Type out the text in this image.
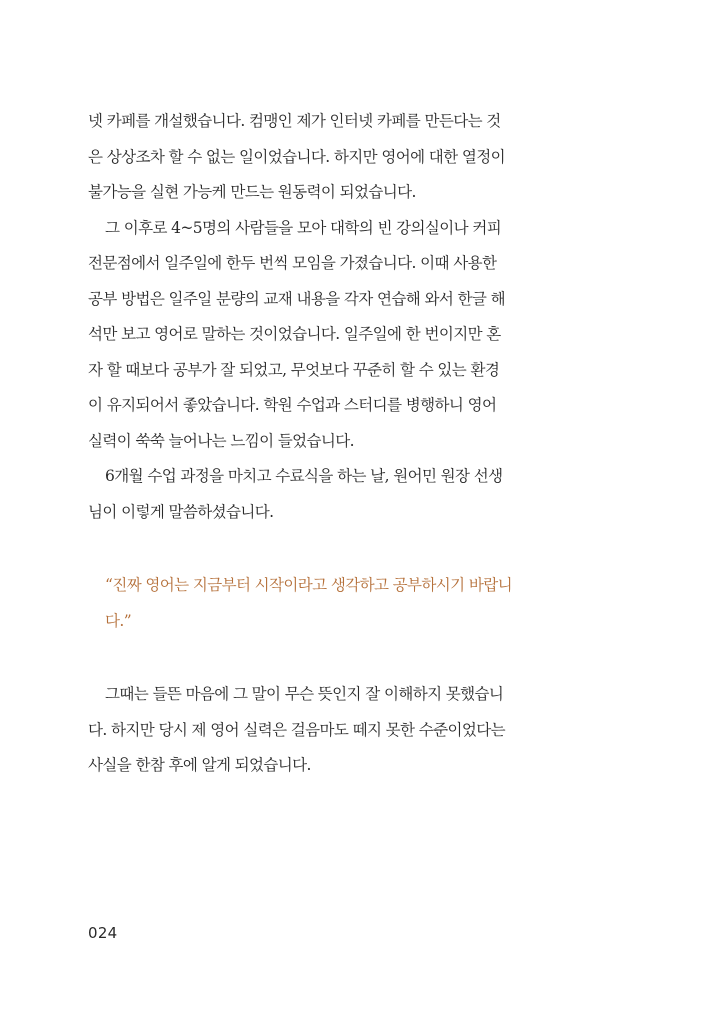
넷 카페를 개설했습니다. 컴맹인 제가 인터넷 카페를 만든다는 것
은 상상조차 할 수 없는 일이었습니다. 하지만 영어에 대한 열정이
불가능을 실현 가능케 만드는 원동력이 되었습니다.
그 이후로 4~5명의 사람들을 모아 대학의 빈 강의실이나 커피
전문점에서 일주일에 한두 번씩 모임을 가졌습니다. 이때 사용한
공부 방법은 일주일 분량의 교재 내용을 각자 연습해 와서 한글 해
석만 보고 영어로 말하는 것이었습니다. 일주일에 한 번이지만 혼
자 할 때보다 공부가 잘 되었고, 무엇보다 꾸준히 할 수 있는 환경
이 유지되어서 좋았습니다. 학원 수업과 스터디를 병행하니 영어
실력이 쑥쑥 늘어나는 느낌이 들었습니다.
6개월 수업 과정을 마치고 수료식을 하는 날, 원어민 원장 선생
님이 이렇게 말씀하셨습니다.
“진짜 영어는 지금부터 시작이라고 생각하고 공부하시기 바랍니
다.”
그때는 들뜬 마음에 그 말이 무슨 뜻인지 잘 이해하지 못했습니
다. 하지만 당시 제 영어 실력은 걸음마도 떼지 못한 수준이었다는
사실을 한참 후에 알게 되었습니다.
024
